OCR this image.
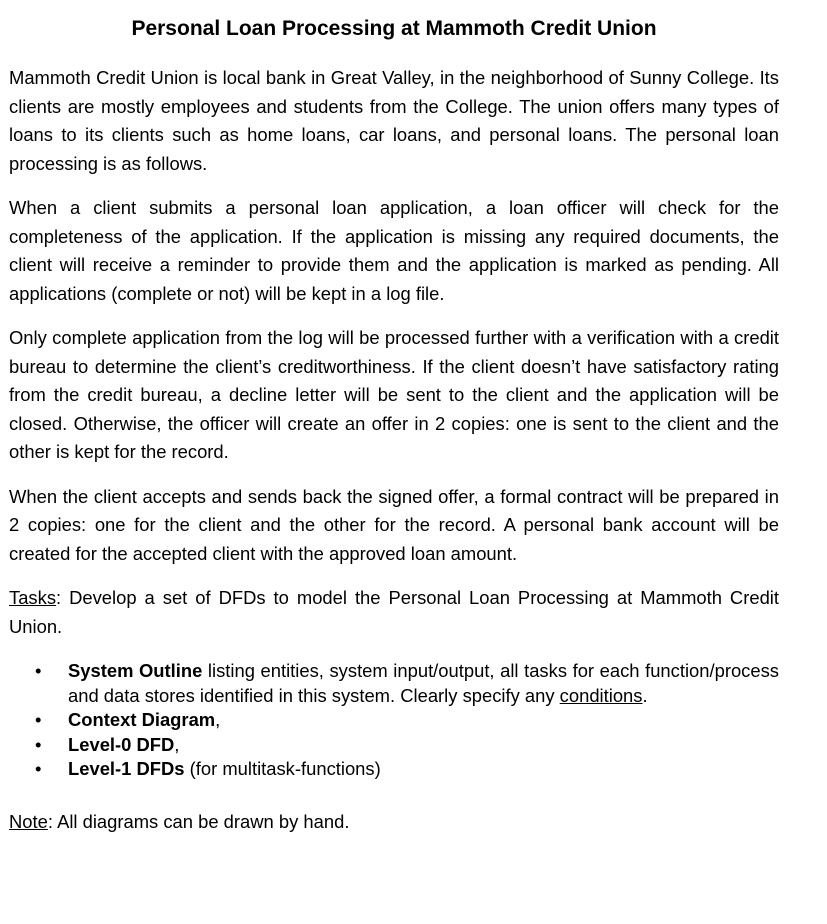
Personal Loan Processing at Mammoth Credit Union

Mammoth Credit Union is local bank in Great Valley, in the neighborhood of Sunny College. Its clients are mostly employees and students from the College. The union offers many types of loans to its clients such as home loans, car loans, and personal loans. The personal loan processing is as follows.

When a client submits a personal loan application, a loan officer will check for the completeness of the application. If the application is missing any required documents, the client will receive a reminder to provide them and the application is marked as pending. All applications (complete or not) will be kept in a log file.

Only complete application from the log will be processed further with a verification with a credit bureau to determine the client’s creditworthiness. If the client doesn’t have satisfactory rating from the credit bureau, a decline letter will be sent to the client and the application will be closed. Otherwise, the officer will create an offer in 2 copies: one is sent to the client and the other is kept for the record.

When the client accepts and sends back the signed offer, a formal contract will be prepared in 2 copies: one for the client and the other for the record. A personal bank account will be created for the accepted client with the approved loan amount.

Tasks: Develop a set of DFDs to model the Personal Loan Processing at Mammoth Credit Union.

• System Outline listing entities, system input/output, all tasks for each function/process and data stores identified in this system. Clearly specify any conditions.
• Context Diagram,
• Level-0 DFD,
• Level-1 DFDs (for multitask-functions)

Note: All diagrams can be drawn by hand.
